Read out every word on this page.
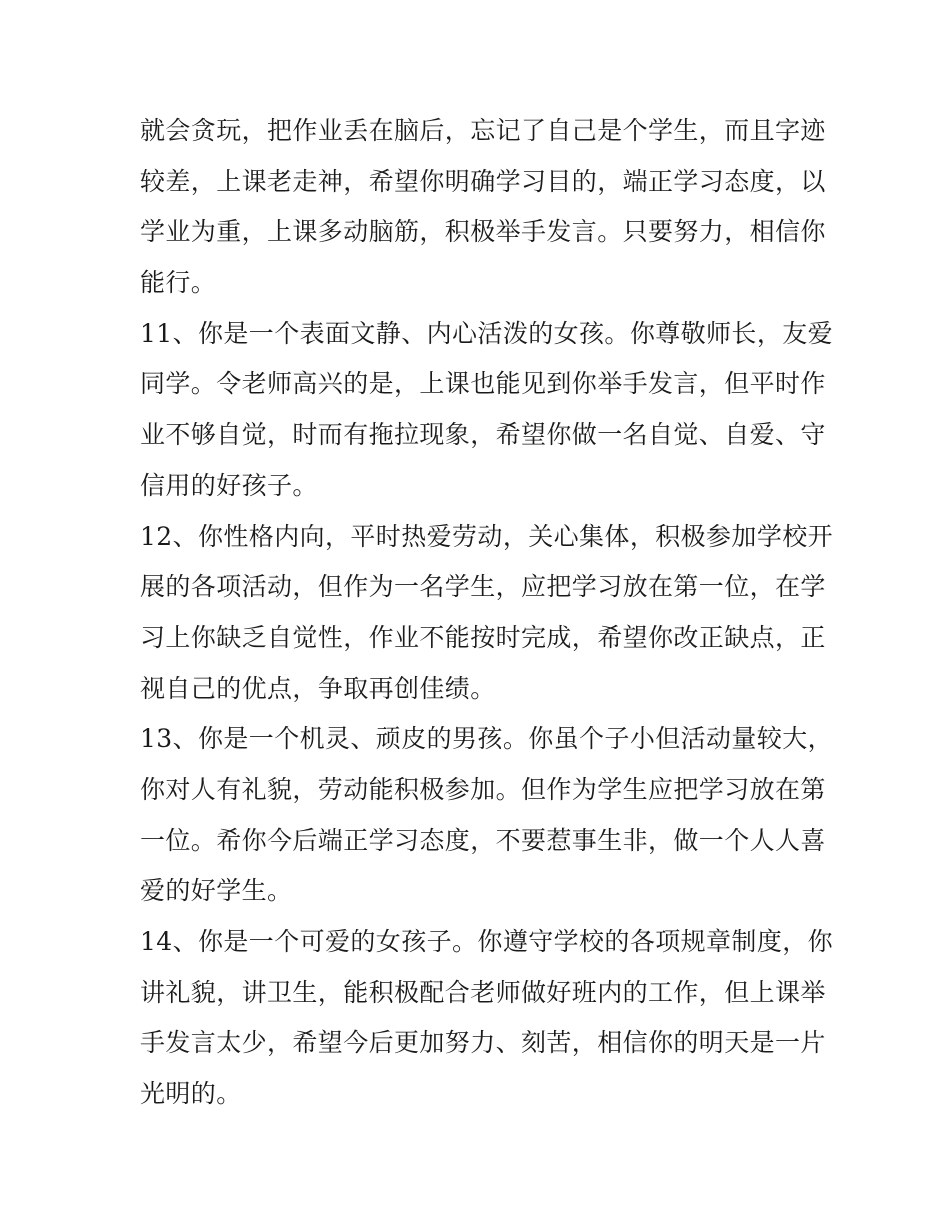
就会贪玩，把作业丢在脑后，忘记了自己是个学生，而且字迹
较差，上课老走神，希望你明确学习目的，端正学习态度，以
学业为重，上课多动脑筋，积极举手发言。只要努力，相信你
能行。

11、你是一个表面文静、内心活泼的女孩。你尊敬师长，友爱
同学。令老师高兴的是，上课也能见到你举手发言，但平时作
业不够自觉，时而有拖拉现象，希望你做一名自觉、自爱、守
信用的好孩子。

12、你性格内向，平时热爱劳动，关心集体，积极参加学校开
展的各项活动，但作为一名学生，应把学习放在第一位，在学
习上你缺乏自觉性，作业不能按时完成，希望你改正缺点，正
视自己的优点，争取再创佳绩。

13、你是一个机灵、顽皮的男孩。你虽个子小但活动量较大，
你对人有礼貌，劳动能积极参加。但作为学生应把学习放在第
一位。希你今后端正学习态度，不要惹事生非，做一个人人喜
爱的好学生。

14、你是一个可爱的女孩子。你遵守学校的各项规章制度，你
讲礼貌，讲卫生，能积极配合老师做好班内的工作，但上课举
手发言太少，希望今后更加努力、刻苦，相信你的明天是一片
光明的。
